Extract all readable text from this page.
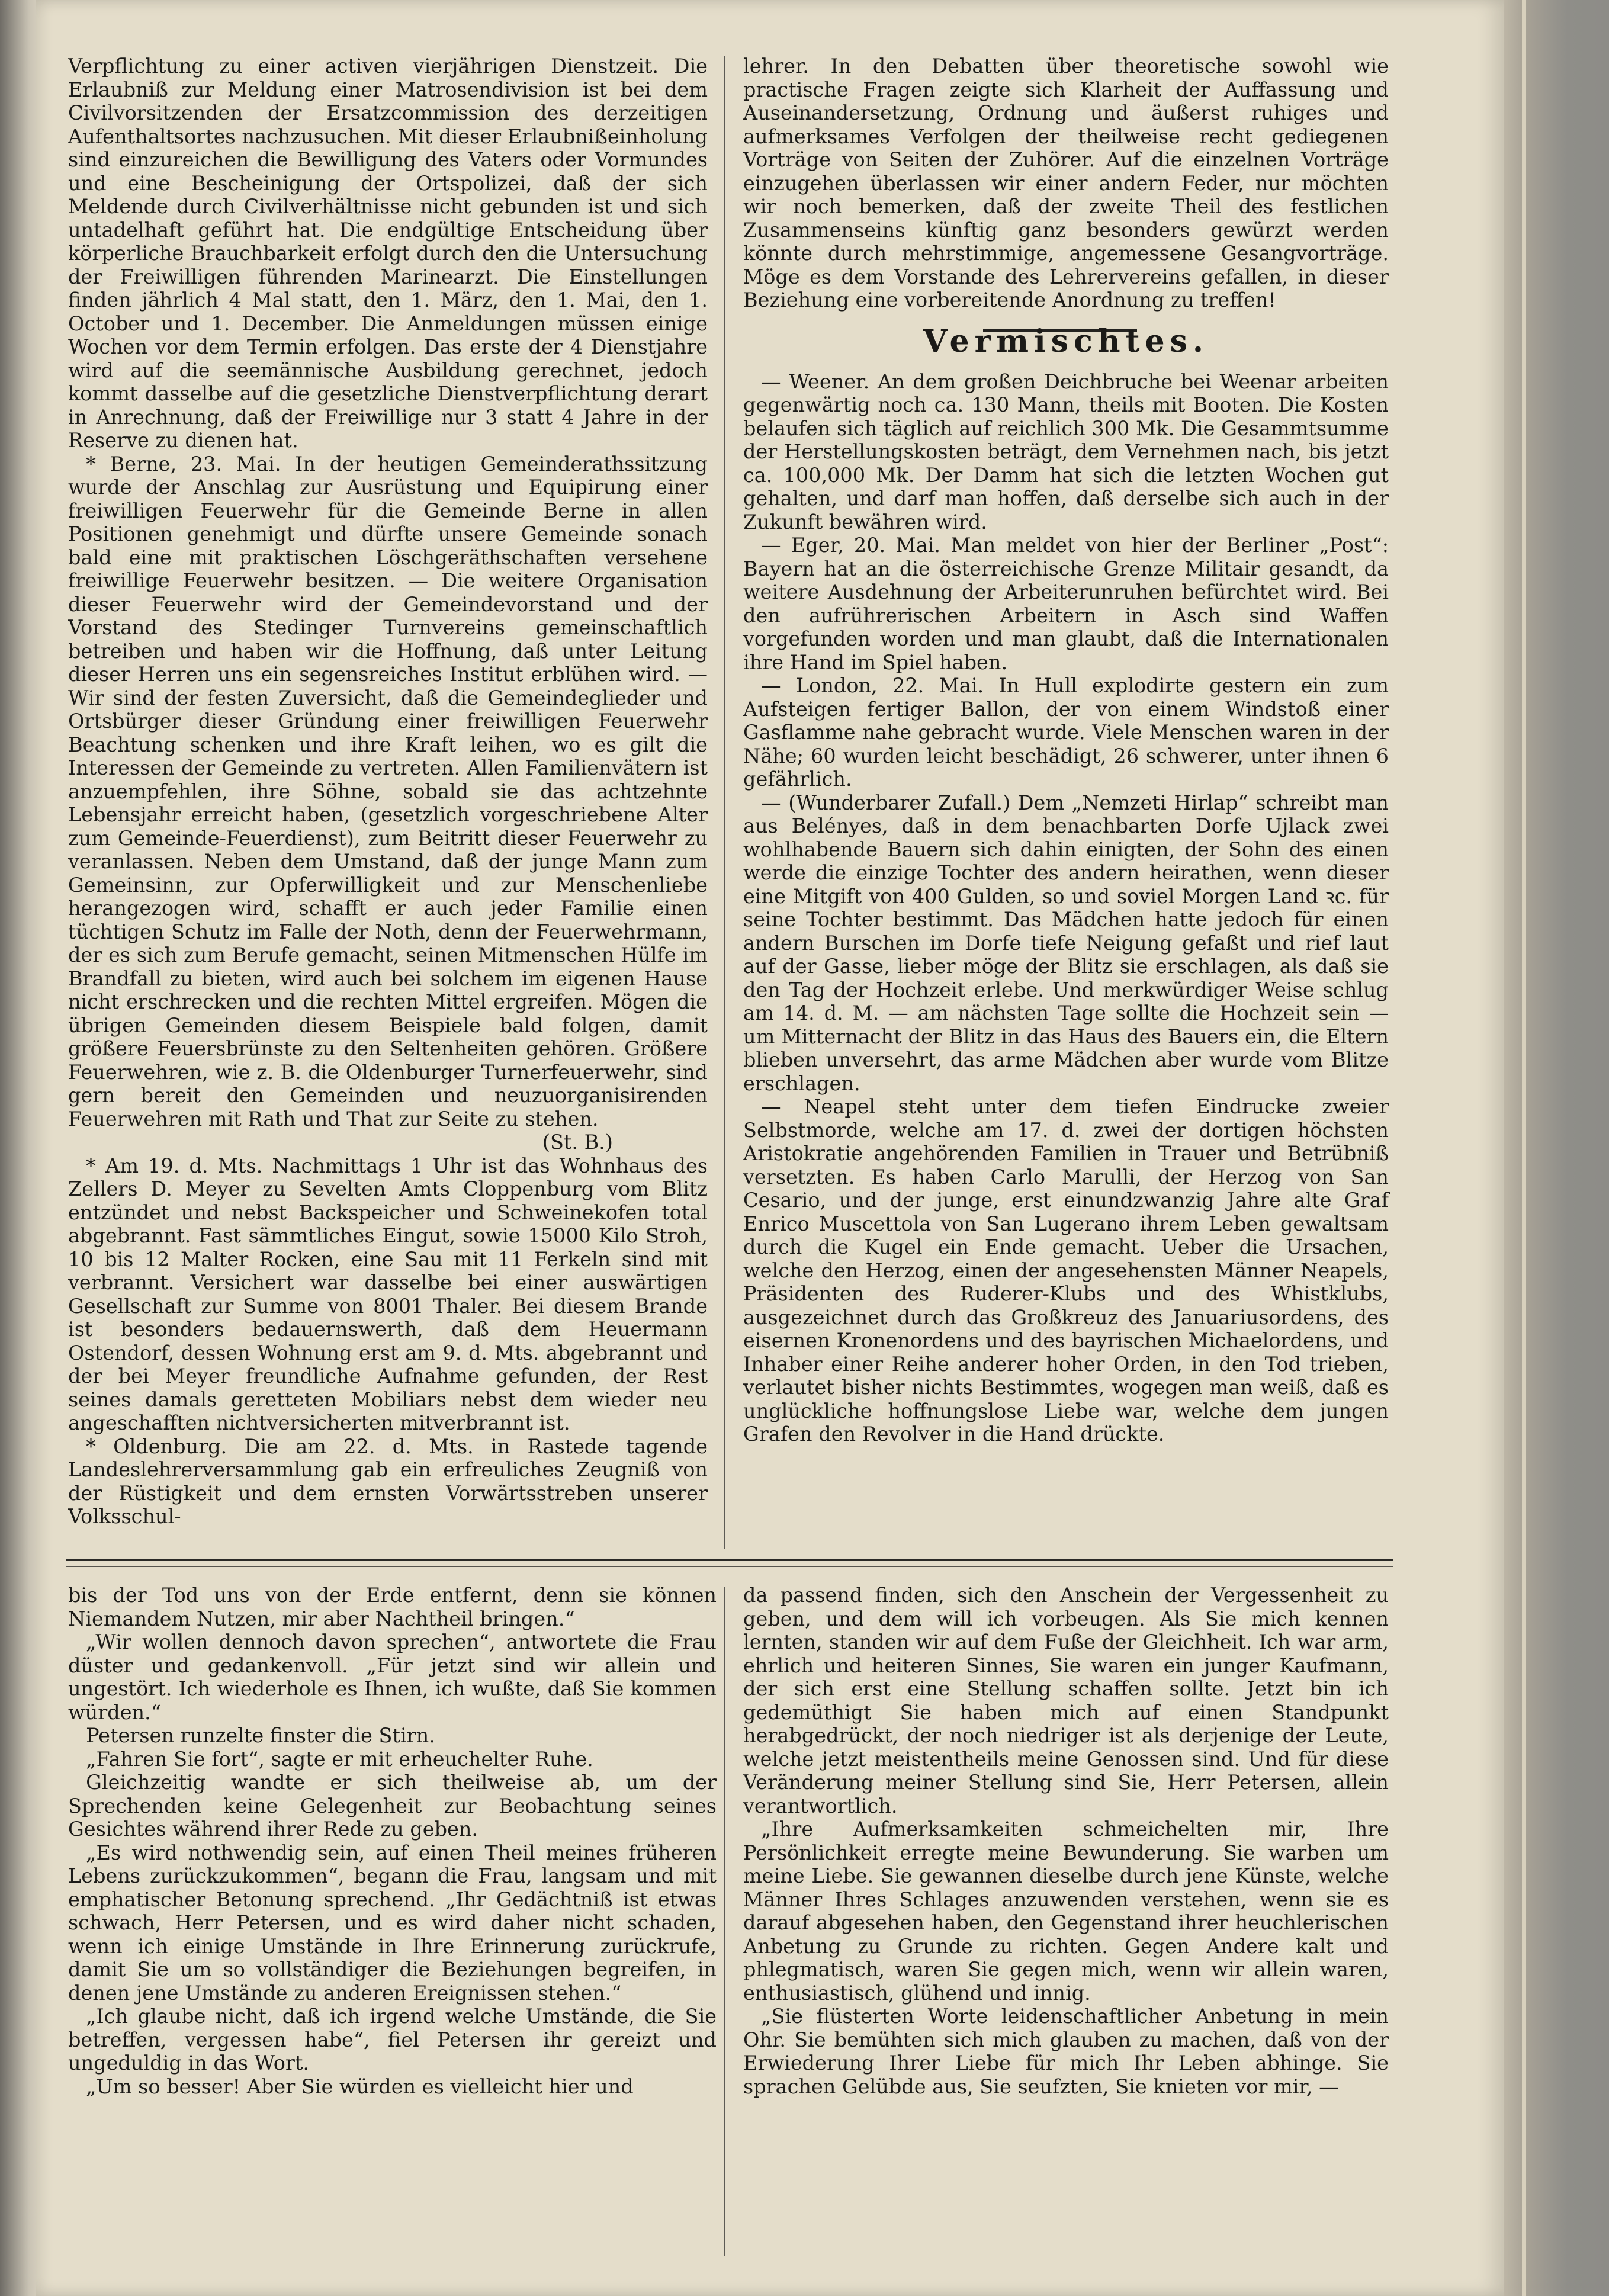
Verpflichtung zu einer activen vierjährigen Dienstzeit. Die Erlaubniß zur Meldung einer Matrosendivision ist bei dem Civilvorsitzenden der Ersatzcommission des derzeitigen Aufenthaltsortes nachzusuchen. Mit dieser Erlaubnißeinholung sind einzureichen die Bewilligung des Vaters oder Vormundes und eine Bescheinigung der Ortspolizei, daß der sich Meldende durch Civilverhältnisse nicht gebunden ist und sich untadelhaft geführt hat. Die endgültige Entscheidung über körperliche Brauchbarkeit erfolgt durch den die Untersuchung der Freiwilligen führenden Marinearzt. Die Einstellungen finden jährlich 4 Mal statt, den 1. März, den 1. Mai, den 1. October und 1. December. Die Anmeldungen müssen einige Wochen vor dem Termin erfolgen. Das erste der 4 Dienstjahre wird auf die seemännische Ausbildung gerechnet, jedoch kommt dasselbe auf die gesetzliche Dienstverpflichtung derart in Anrechnung, daß der Freiwillige nur 3 statt 4 Jahre in der Reserve zu dienen hat.

* Berne, 23. Mai. In der heutigen Gemeinderathssitzung wurde der Anschlag zur Ausrüstung und Equipirung einer freiwilligen Feuerwehr für die Gemeinde Berne in allen Positionen genehmigt und dürfte unsere Gemeinde sonach bald eine mit praktischen Löschgeräthschaften versehene freiwillige Feuerwehr besitzen. — Die weitere Organisation dieser Feuerwehr wird der Gemeindevorstand und der Vorstand des Stedinger Turnvereins gemeinschaftlich betreiben und haben wir die Hoffnung, daß unter Leitung dieser Herren uns ein segensreiches Institut erblühen wird. — Wir sind der festen Zuversicht, daß die Gemeindeglieder und Ortsbürger dieser Gründung einer freiwilligen Feuerwehr Beachtung schenken und ihre Kraft leihen, wo es gilt die Interessen der Gemeinde zu vertreten. Allen Familienvätern ist anzuempfehlen, ihre Söhne, sobald sie das achtzehnte Lebensjahr erreicht haben, (gesetzlich vorgeschriebene Alter zum Gemeinde-Feuerdienst), zum Beitritt dieser Feuerwehr zu veranlassen. Neben dem Umstand, daß der junge Mann zum Gemeinsinn, zur Opferwilligkeit und zur Menschenliebe herangezogen wird, schafft er auch jeder Familie einen tüchtigen Schutz im Falle der Noth, denn der Feuerwehrmann, der es sich zum Berufe gemacht, seinen Mitmenschen Hülfe im Brandfall zu bieten, wird auch bei solchem im eigenen Hause nicht erschrecken und die rechten Mittel ergreifen. Mögen die übrigen Gemeinden diesem Beispiele bald folgen, damit größere Feuersbrünste zu den Seltenheiten gehören. Größere Feuerwehren, wie z. B. die Oldenburger Turnerfeuerwehr, sind gern bereit den Gemeinden und neuzuorganisirenden Feuerwehren mit Rath und That zur Seite zu stehen.

(St. B.)

* Am 19. d. Mts. Nachmittags 1 Uhr ist das Wohnhaus des Zellers D. Meyer zu Sevelten Amts Cloppenburg vom Blitz entzündet und nebst Backspeicher und Schweinekofen total abgebrannt. Fast sämmtliches Eingut, sowie 15000 Kilo Stroh, 10 bis 12 Malter Rocken, eine Sau mit 11 Ferkeln sind mit verbrannt. Versichert war dasselbe bei einer auswärtigen Gesellschaft zur Summe von 8001 Thaler. Bei diesem Brande ist besonders bedauernswerth, daß dem Heuermann Ostendorf, dessen Wohnung erst am 9. d. Mts. abgebrannt und der bei Meyer freundliche Aufnahme gefunden, der Rest seines damals geretteten Mobiliars nebst dem wieder neu angeschafften nichtversicherten mitverbrannt ist.

* Oldenburg. Die am 22. d. Mts. in Rastede tagende Landeslehrerversammlung gab ein erfreuliches Zeugniß von der Rüstigkeit und dem ernsten Vorwärtsstreben unserer Volksschul-

lehrer. In den Debatten über theoretische sowohl wie practische Fragen zeigte sich Klarheit der Auffassung und Auseinandersetzung, Ordnung und äußerst ruhiges und aufmerksames Verfolgen der theilweise recht gediegenen Vorträge von Seiten der Zuhörer. Auf die einzelnen Vorträge einzugehen überlassen wir einer andern Feder, nur möchten wir noch bemerken, daß der zweite Theil des festlichen Zusammenseins künftig ganz besonders gewürzt werden könnte durch mehrstimmige, angemessene Gesangvorträge. Möge es dem Vorstande des Lehrervereins gefallen, in dieser Beziehung eine vorbereitende Anordnung zu treffen!

Vermischtes.

— Weener. An dem großen Deichbruche bei Weenar arbeiten gegenwärtig noch ca. 130 Mann, theils mit Booten. Die Kosten belaufen sich täglich auf reichlich 300 Mk. Die Gesammtsumme der Herstellungskosten beträgt, dem Vernehmen nach, bis jetzt ca. 100,000 Mk. Der Damm hat sich die letzten Wochen gut gehalten, und darf man hoffen, daß derselbe sich auch in der Zukunft bewähren wird.

— Eger, 20. Mai. Man meldet von hier der Berliner „Post“: Bayern hat an die österreichische Grenze Militair gesandt, da weitere Ausdehnung der Arbeiterunruhen befürchtet wird. Bei den aufrührerischen Arbeitern in Asch sind Waffen vorgefunden worden und man glaubt, daß die Internationalen ihre Hand im Spiel haben.

— London, 22. Mai. In Hull explodirte gestern ein zum Aufsteigen fertiger Ballon, der von einem Windstoß einer Gasflamme nahe gebracht wurde. Viele Menschen waren in der Nähe; 60 wurden leicht beschädigt, 26 schwerer, unter ihnen 6 gefährlich.

— (Wunderbarer Zufall.) Dem „Nemzeti Hirlap“ schreibt man aus Belényes, daß in dem benachbarten Dorfe Ujlack zwei wohlhabende Bauern sich dahin einigten, der Sohn des einen werde die einzige Tochter des andern heirathen, wenn dieser eine Mitgift von 400 Gulden, so und soviel Morgen Land ꝛc. für seine Tochter bestimmt. Das Mädchen hatte jedoch für einen andern Burschen im Dorfe tiefe Neigung gefaßt und rief laut auf der Gasse, lieber möge der Blitz sie erschlagen, als daß sie den Tag der Hochzeit erlebe. Und merkwürdiger Weise schlug am 14. d. M. — am nächsten Tage sollte die Hochzeit sein — um Mitternacht der Blitz in das Haus des Bauers ein, die Eltern blieben unversehrt, das arme Mädchen aber wurde vom Blitze erschlagen.

— Neapel steht unter dem tiefen Eindrucke zweier Selbstmorde, welche am 17. d. zwei der dortigen höchsten Aristokratie angehörenden Familien in Trauer und Betrübniß versetzten. Es haben Carlo Marulli, der Herzog von San Cesario, und der junge, erst einundzwanzig Jahre alte Graf Enrico Muscettola von San Lugerano ihrem Leben gewaltsam durch die Kugel ein Ende gemacht. Ueber die Ursachen, welche den Herzog, einen der angesehensten Männer Neapels, Präsidenten des Ruderer-Klubs und des Whistklubs, ausgezeichnet durch das Großkreuz des Januariusordens, des eisernen Kronenordens und des bayrischen Michaelordens, und Inhaber einer Reihe anderer hoher Orden, in den Tod trieben, verlautet bisher nichts Bestimmtes, wogegen man weiß, daß es unglückliche hoffnungslose Liebe war, welche dem jungen Grafen den Revolver in die Hand drückte.

bis der Tod uns von der Erde entfernt, denn sie können Niemandem Nutzen, mir aber Nachtheil bringen.“

„Wir wollen dennoch davon sprechen“, antwortete die Frau düster und gedankenvoll. „Für jetzt sind wir allein und ungestört. Ich wiederhole es Ihnen, ich wußte, daß Sie kommen würden.“

Petersen runzelte finster die Stirn.

„Fahren Sie fort“, sagte er mit erheuchelter Ruhe.

Gleichzeitig wandte er sich theilweise ab, um der Sprechenden keine Gelegenheit zur Beobachtung seines Gesichtes während ihrer Rede zu geben.

„Es wird nothwendig sein, auf einen Theil meines früheren Lebens zurückzukommen“, begann die Frau, langsam und mit emphatischer Betonung sprechend. „Ihr Gedächtniß ist etwas schwach, Herr Petersen, und es wird daher nicht schaden, wenn ich einige Umstände in Ihre Erinnerung zurückrufe, damit Sie um so vollständiger die Beziehungen begreifen, in denen jene Umstände zu anderen Ereignissen stehen.“

„Ich glaube nicht, daß ich irgend welche Umstände, die Sie betreffen, vergessen habe“, fiel Petersen ihr gereizt und ungeduldig in das Wort.

„Um so besser! Aber Sie würden es vielleicht hier und

da passend finden, sich den Anschein der Vergessenheit zu geben, und dem will ich vorbeugen. Als Sie mich kennen lernten, standen wir auf dem Fuße der Gleichheit. Ich war arm, ehrlich und heiteren Sinnes, Sie waren ein junger Kaufmann, der sich erst eine Stellung schaffen sollte. Jetzt bin ich gedemüthigt Sie haben mich auf einen Standpunkt herabgedrückt, der noch niedriger ist als derjenige der Leute, welche jetzt meistentheils meine Genossen sind. Und für diese Veränderung meiner Stellung sind Sie, Herr Petersen, allein verantwortlich.

„Ihre Aufmerksamkeiten schmeichelten mir, Ihre Persönlichkeit erregte meine Bewunderung. Sie warben um meine Liebe. Sie gewannen dieselbe durch jene Künste, welche Männer Ihres Schlages anzuwenden verstehen, wenn sie es darauf abgesehen haben, den Gegenstand ihrer heuchlerischen Anbetung zu Grunde zu richten. Gegen Andere kalt und phlegmatisch, waren Sie gegen mich, wenn wir allein waren, enthusiastisch, glühend und innig.

„Sie flüsterten Worte leidenschaftlicher Anbetung in mein Ohr. Sie bemühten sich mich glauben zu machen, daß von der Erwiederung Ihrer Liebe für mich Ihr Leben abhinge. Sie sprachen Gelübde aus, Sie seufzten, Sie knieten vor mir, —
